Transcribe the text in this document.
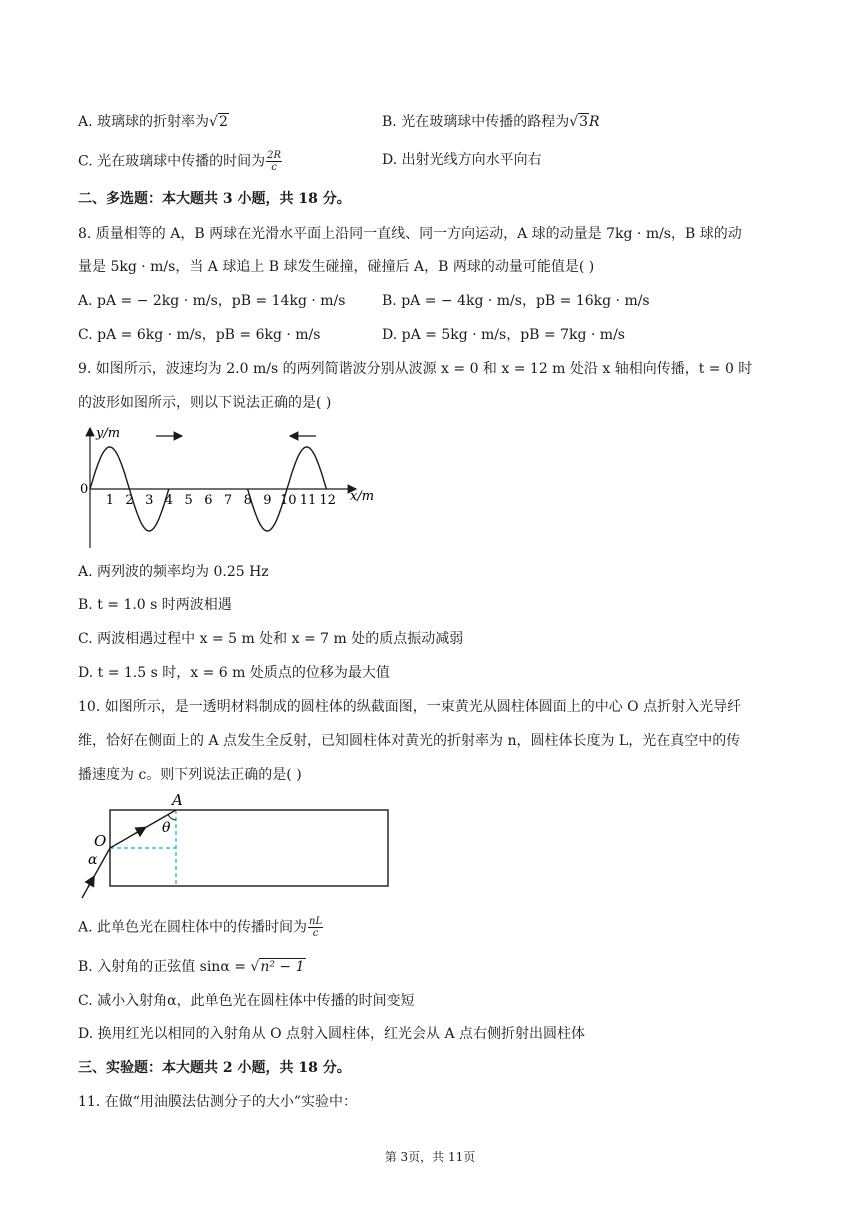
A. 玻璃球的折射率为√2	B. 光在玻璃球中传播的路程为√3R
C. 光在玻璃球中传播的时间为 $\frac{2R}{c}$	D. 出射光线方向水平向右
二、多选题：本大题共 3 小题，共 18 分。
8. 质量相等的 A，B 两球在光滑水平面上沿同一直线、同一方向运动，A 球的动量是 7kg · m/s，B 球的动
量是 5kg · m/s，当 A 球追上 B 球发生碰撞，碰撞后 A，B 两球的动量可能值是( )
A. pA = − 2kg · m/s，pB = 14kg · m/s	B. pA = − 4kg · m/s，pB = 16kg · m/s
C. pA = 6kg · m/s，pB = 6kg · m/s	D. pA = 5kg · m/s，pB = 7kg · m/s
9. 如图所示，波速均为 2.0 m/s 的两列简谐波分别从波源 x = 0 和 x = 12 m 处沿 x 轴相向传播，t = 0 时
的波形如图所示，则以下说法正确的是( )
y/m
x/m
0
1 2 3 4 5 6 7 8 9 10 11 12
A. 两列波的频率均为 0.25 Hz
B. t = 1.0 s 时两波相遇
C. 两波相遇过程中 x = 5 m 处和 x = 7 m 处的质点振动减弱
D. t = 1.5 s 时，x = 6 m 处质点的位移为最大值
10. 如图所示，是一透明材料制成的圆柱体的纵截面图，一束黄光从圆柱体圆面上的中心 O 点折射入光导纤
维，恰好在侧面上的 A 点发生全反射，已知圆柱体对黄光的折射率为 n，圆柱体长度为 L，光在真空中的传
播速度为 c。则下列说法正确的是( )
A
O
θ
α
A. 此单色光在圆柱体中的传播时间为 $\frac{nL}{c}$
B. 入射角的正弦值 sinα = √n² − 1
C. 减小入射角α，此单色光在圆柱体中传播的时间变短
D. 换用红光以相同的入射角从 O 点射入圆柱体，红光会从 A 点右侧折射出圆柱体
三、实验题：本大题共 2 小题，共 18 分。
11. 在做“用油膜法估测分子的大小”实验中：
第 3页，共 11页
